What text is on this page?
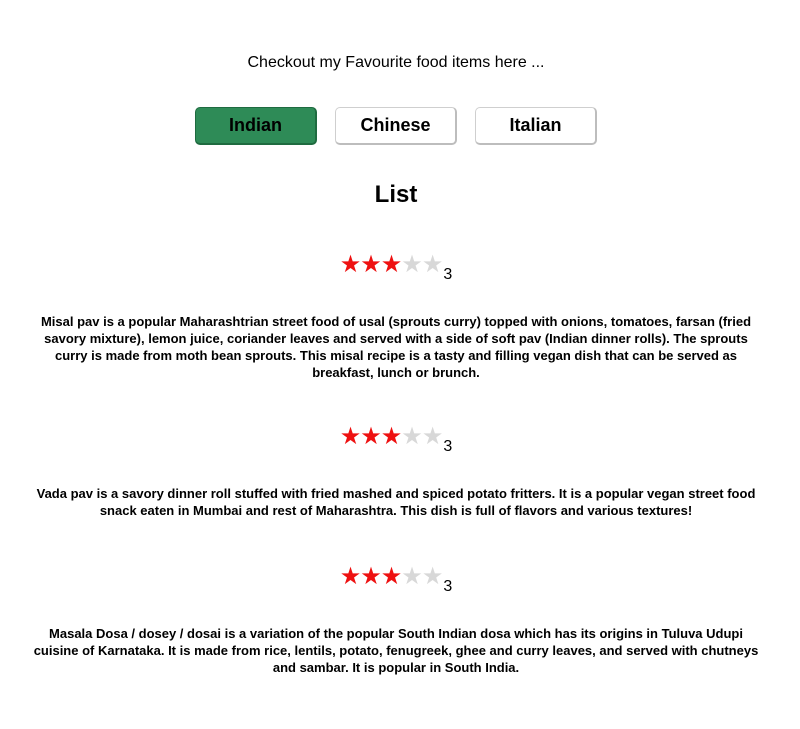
Checkout my Favourite food items here ...
Indian	Chinese	Italian
List
★ ★ ★ ★ ★ 3
Misal pav is a popular Maharashtrian street food of usal (sprouts curry) topped with onions, tomatoes, farsan (fried savory mixture), lemon juice, coriander leaves and served with a side of soft pav (Indian dinner rolls). The sprouts curry is made from moth bean sprouts. This misal recipe is a tasty and filling vegan dish that can be served as breakfast, lunch or brunch.
★ ★ ★ ★ ★ 3
Vada pav is a savory dinner roll stuffed with fried mashed and spiced potato fritters. It is a popular vegan street food snack eaten in Mumbai and rest of Maharashtra. This dish is full of flavors and various textures!
★ ★ ★ ★ ★ 3
Masala Dosa / dosey / dosai is a variation of the popular South Indian dosa which has its origins in Tuluva Udupi cuisine of Karnataka. It is made from rice, lentils, potato, fenugreek, ghee and curry leaves, and served with chutneys and sambar. It is popular in South India.
